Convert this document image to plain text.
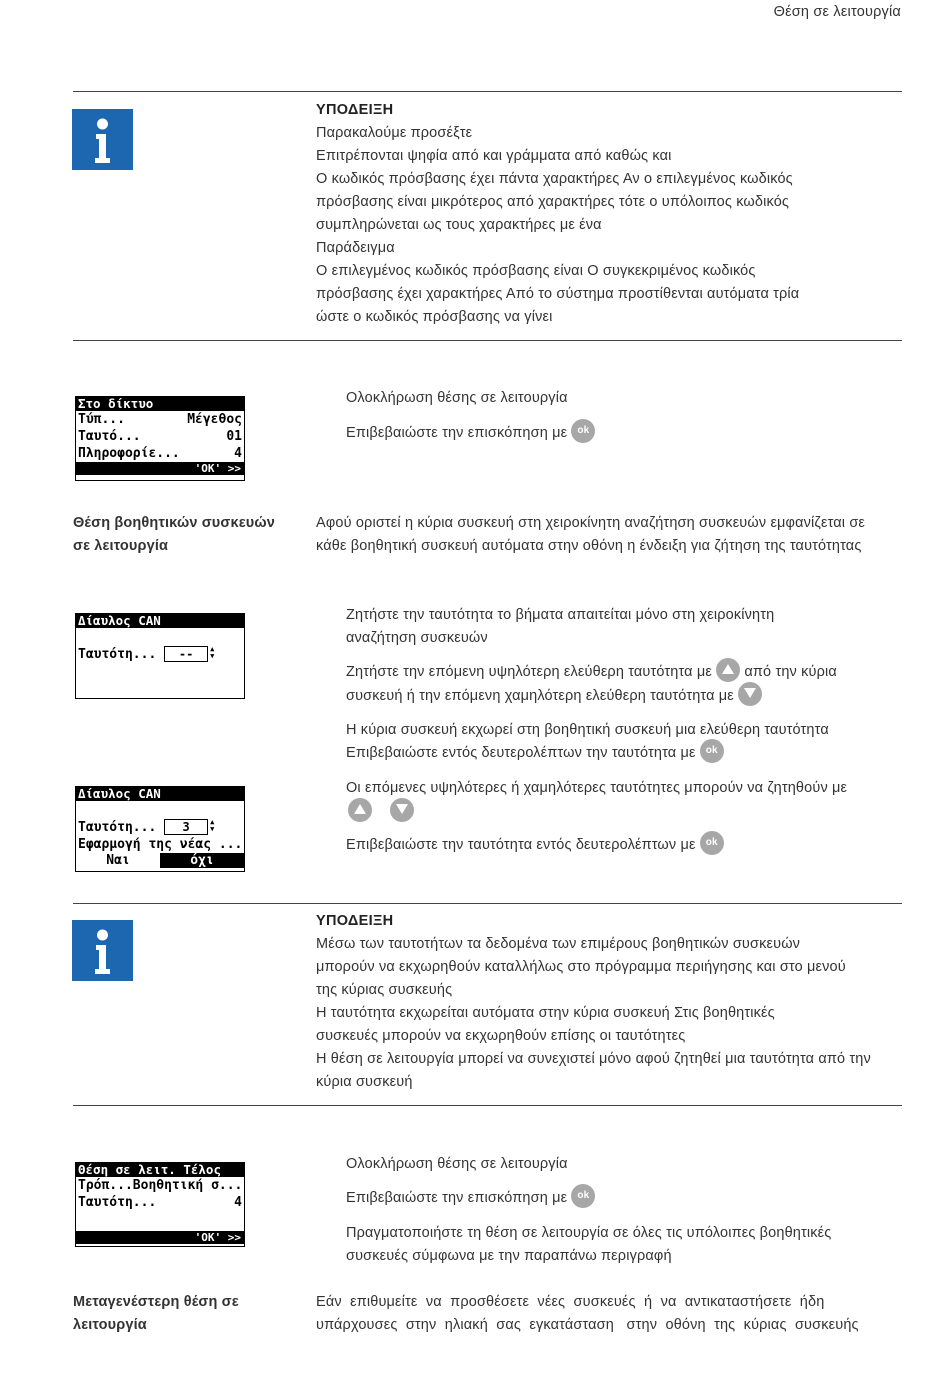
Θέση σε λειτουργία
ΥΠΟΔΕΙΞΗ
Παρακαλούμε προσέξτε
Επιτρέπονται ψηφία από και γράμματα από καθώς και
Ο κωδικός πρόσβασης έχει πάντα χαρακτήρες Αν ο επιλεγμένος κωδικός
πρόσβασης είναι μικρότερος από χαρακτήρες τότε ο υπόλοιπος κωδικός
συμπληρώνεται ως τους χαρακτήρες με ένα
Παράδειγμα
Ο επιλεγμένος κωδικός πρόσβασης είναι Ο συγκεκριμένος κωδικός
πρόσβασης έχει χαρακτήρες Από το σύστημα προστίθενται αυτόματα τρία
ώστε ο κωδικός πρόσβασης να γίνει
Στο δίκτυο
Τύπ...	Μέγεθος
Ταυτό...	01
Πληροφορίε...	4
'OK' >>
Ολοκλήρωση θέσης σε λειτουργία
Επιβεβαιώστε την επισκόπηση με ok
Θέση βοηθητικών συσκευών
σε λειτουργία
Αφού οριστεί η κύρια συσκευή στη χειροκίνητη αναζήτηση συσκευών εμφανίζεται σε
κάθε βοηθητική συσκευή αυτόματα στην οθόνη η ένδειξη για ζήτηση της ταυτότητας
Δίαυλος CAN
Ταυτότη...
	--	▲
▼
Δίαυλος CAN
Ταυτότη...
	3	▲
▼
Εφαρμογή της νέας ...
Ναι	όχι
Ζητήστε την ταυτότητα το βήματα απαιτείται μόνο στη χειροκίνητη
αναζήτηση συσκευών
Ζητήστε την επόμενη υψηλότερη ελεύθερη ταυτότητα με από την κύρια
συσκευή ή την επόμενη χαμηλότερη ελεύθερη ταυτότητα με
Η κύρια συσκευή εκχωρεί στη βοηθητική συσκευή μια ελεύθερη ταυτότητα
Επιβεβαιώστε εντός δευτερολέπτων την ταυτότητα με ok
Οι επόμενες υψηλότερες ή χαμηλότερες ταυτότητες μπορούν να ζητηθούν με

Επιβεβαιώστε την ταυτότητα εντός δευτερολέπτων με ok
ΥΠΟΔΕΙΞΗ
Μέσω των ταυτοτήτων τα δεδομένα των επιμέρους βοηθητικών συσκευών
μπορούν να εκχωρηθούν καταλλήλως στο πρόγραμμα περιήγησης και στο μενού
της κύριας συσκευής
Η ταυτότητα εκχωρείται αυτόματα στην κύρια συσκευή Στις βοηθητικές
συσκευές μπορούν να εκχωρηθούν επίσης οι ταυτότητες
Η θέση σε λειτουργία μπορεί να συνεχιστεί μόνο αφού ζητηθεί μια ταυτότητα από την
κύρια συσκευή
Θέση σε λειτ. Τέλος
Τρόπ... Βοηθητική σ...
Ταυτότη...	4
'OK' >>
Ολοκλήρωση θέσης σε λειτουργία
Επιβεβαιώστε την επισκόπηση με ok
Πραγματοποιήστε τη θέση σε λειτουργία σε όλες τις υπόλοιπες βοηθητικές
συσκευές σύμφωνα με την παραπάνω περιγραφή
Μεταγενέστερη θέση σε
λειτουργία
Εάν  επιθυμείτε  να  προσθέσετε  νέες  συσκευές  ή  να  αντικαταστήσετε  ήδη
υπάρχουσες  στην  ηλιακή  σας  εγκατάσταση   στην  οθόνη  της  κύριας  συσκευής
